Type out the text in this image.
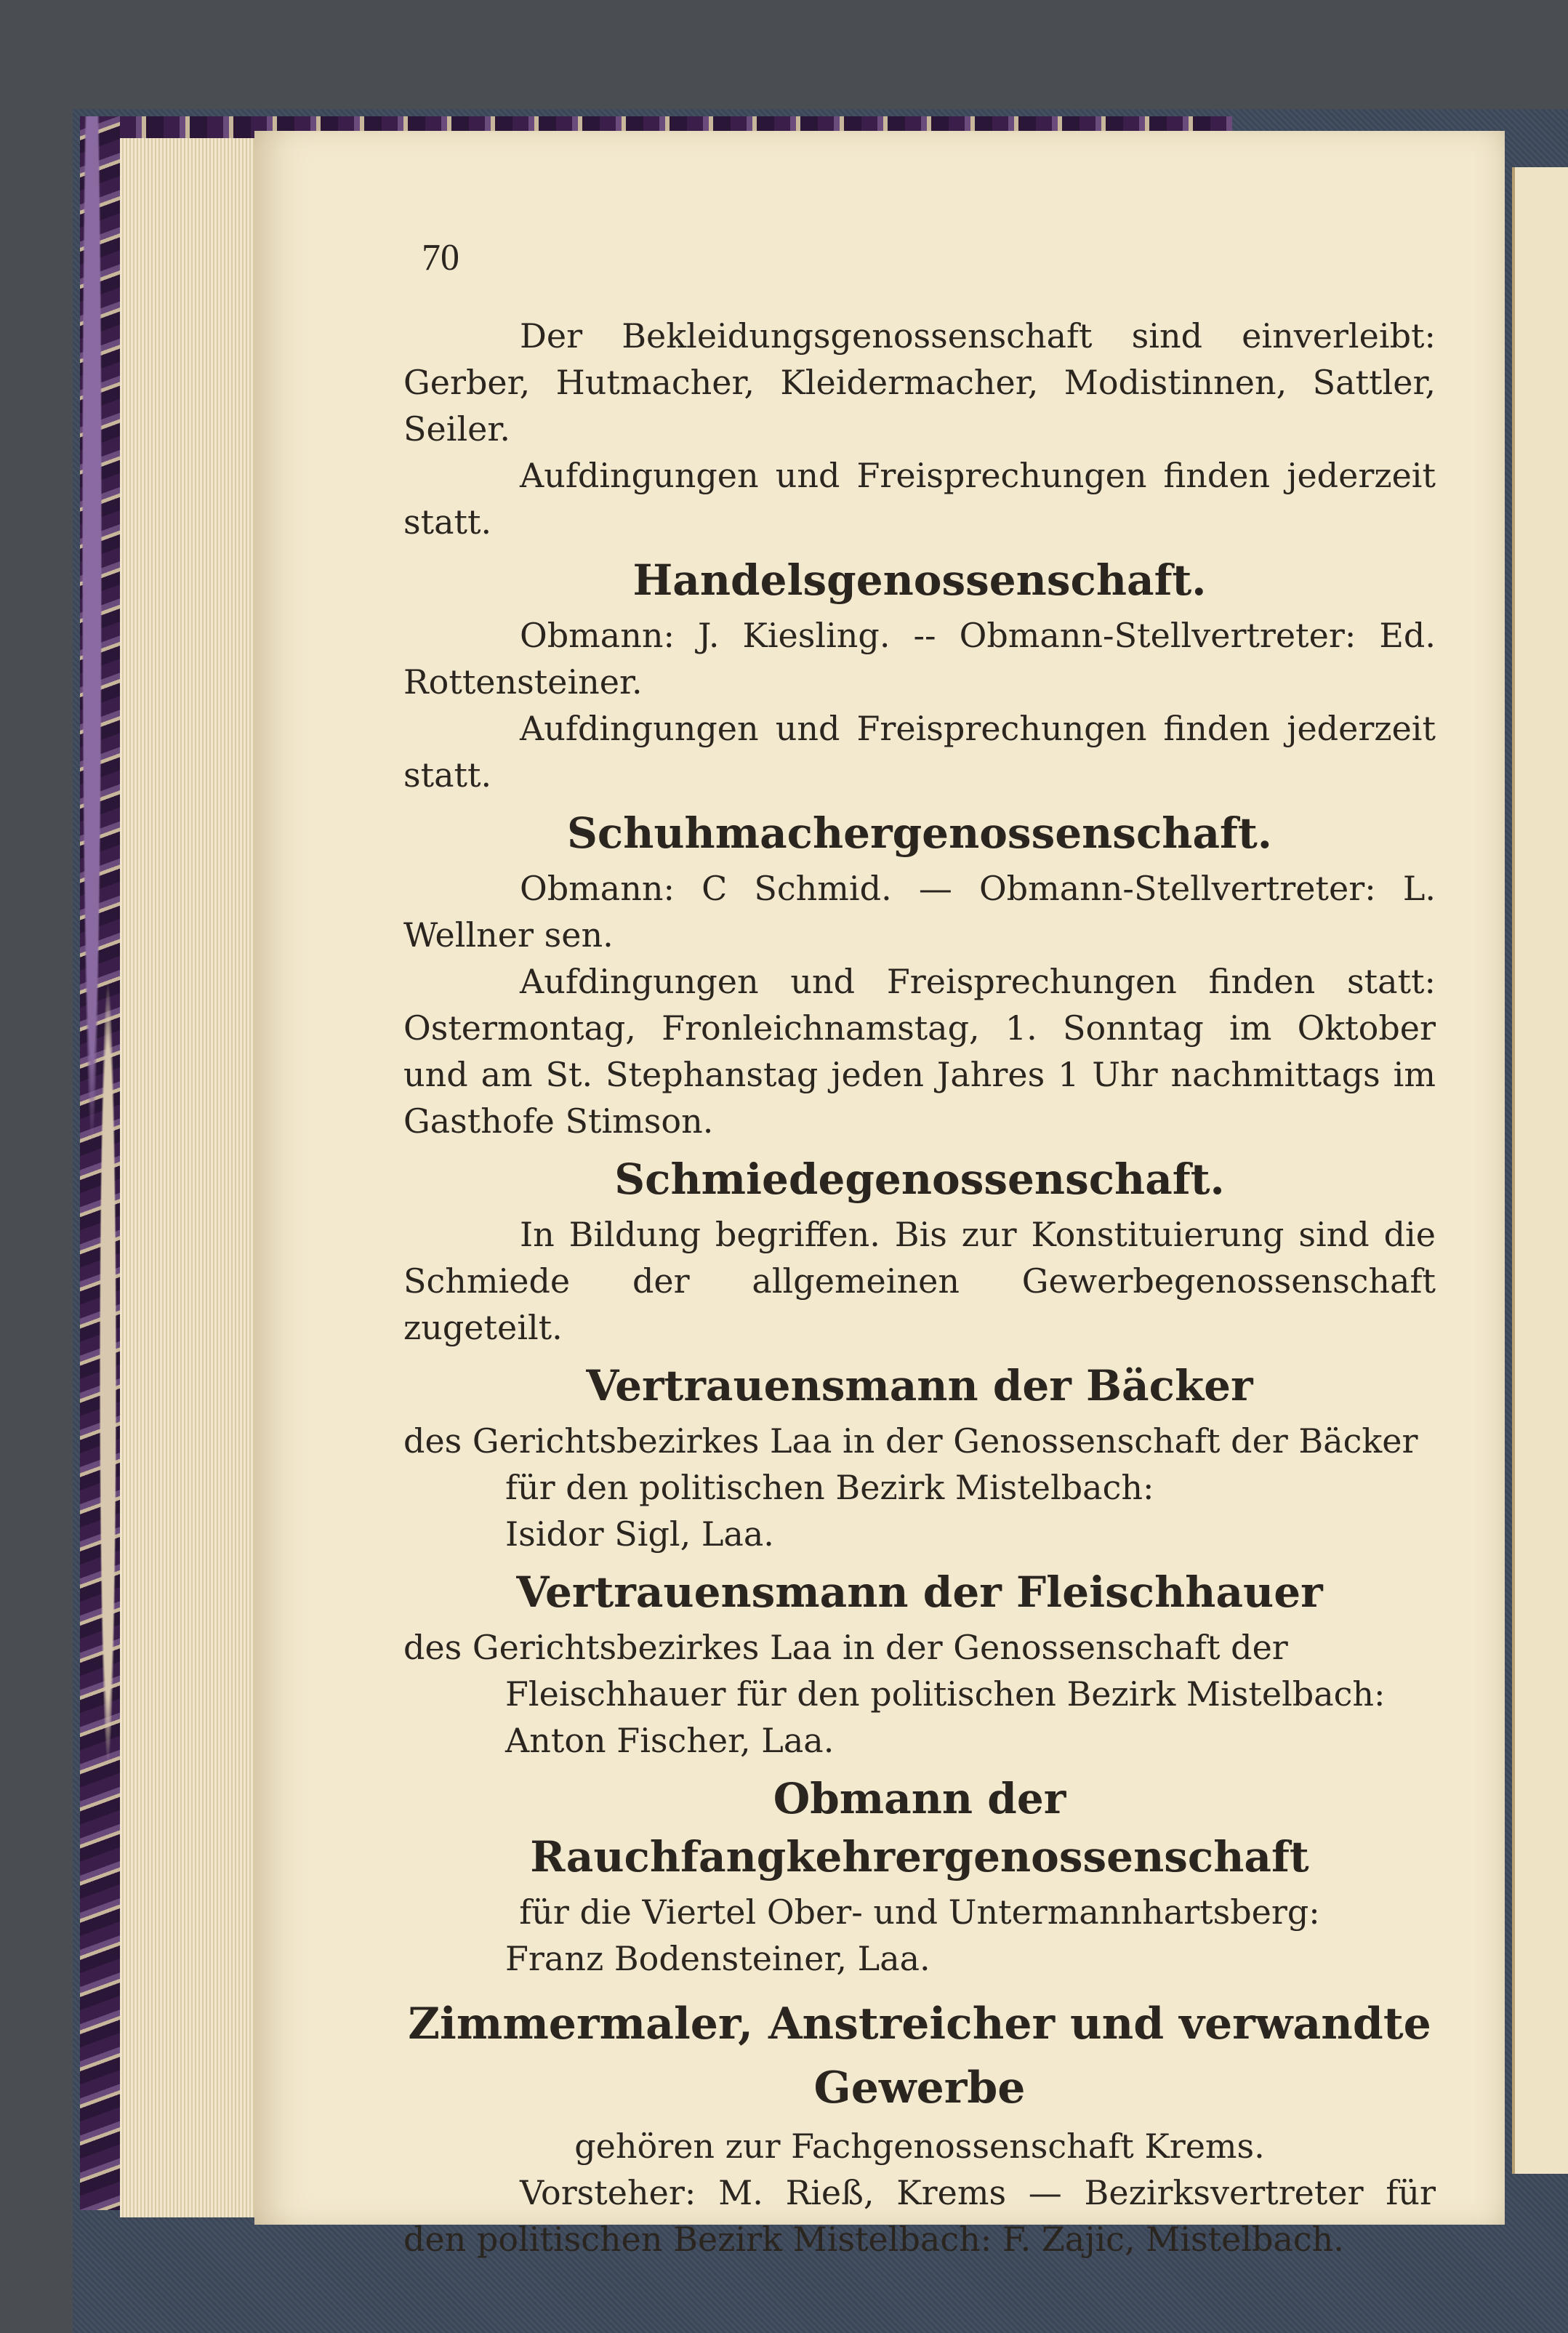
70

Der Bekleidungsgenossenschaft sind einverleibt: Gerber, Hutmacher, Kleidermacher, Modistinnen, Sattler, Seiler.

Aufdingungen und Freisprechungen finden jederzeit statt.

Handelsgenossenschaft.

Obmann: J. Kiesling. -- Obmann-Stellvertreter: Ed. Rottensteiner.

Aufdingungen und Freisprechungen finden jederzeit statt.

Schuhmachergenossenschaft.

Obmann: C Schmid. — Obmann-Stellvertreter: L. Wellner sen.

Aufdingungen und Freisprechungen finden statt: Ostermontag, Fronleichnamstag, 1. Sonntag im Oktober und am St. Stephanstag jeden Jahres 1 Uhr nachmittags im Gasthofe Stimson.

Schmiedegenossenschaft.

In Bildung begriffen. Bis zur Konstituierung sind die Schmiede der allgemeinen Gewerbegenossenschaft zugeteilt.

Vertrauensmann der Bäcker

des Gerichtsbezirkes Laa in der Genossenschaft der Bäcker für den politischen Bezirk Mistelbach:

Isidor Sigl, Laa.

Vertrauensmann der Fleischhauer

des Gerichtsbezirkes Laa in der Genossenschaft der Fleischhauer für den politischen Bezirk Mistelbach:

Anton Fischer, Laa.

Obmann der Rauchfangkehrergenossenschaft

für die Viertel Ober- und Untermannhartsberg:

Franz Bodensteiner, Laa.

Zimmermaler, Anstreicher und verwandte Gewerbe

gehören zur Fachgenossenschaft Krems.

Vorsteher: M. Rieß, Krems — Bezirksvertreter für den politischen Bezirk Mistelbach: F. Zajic, Mistelbach.
